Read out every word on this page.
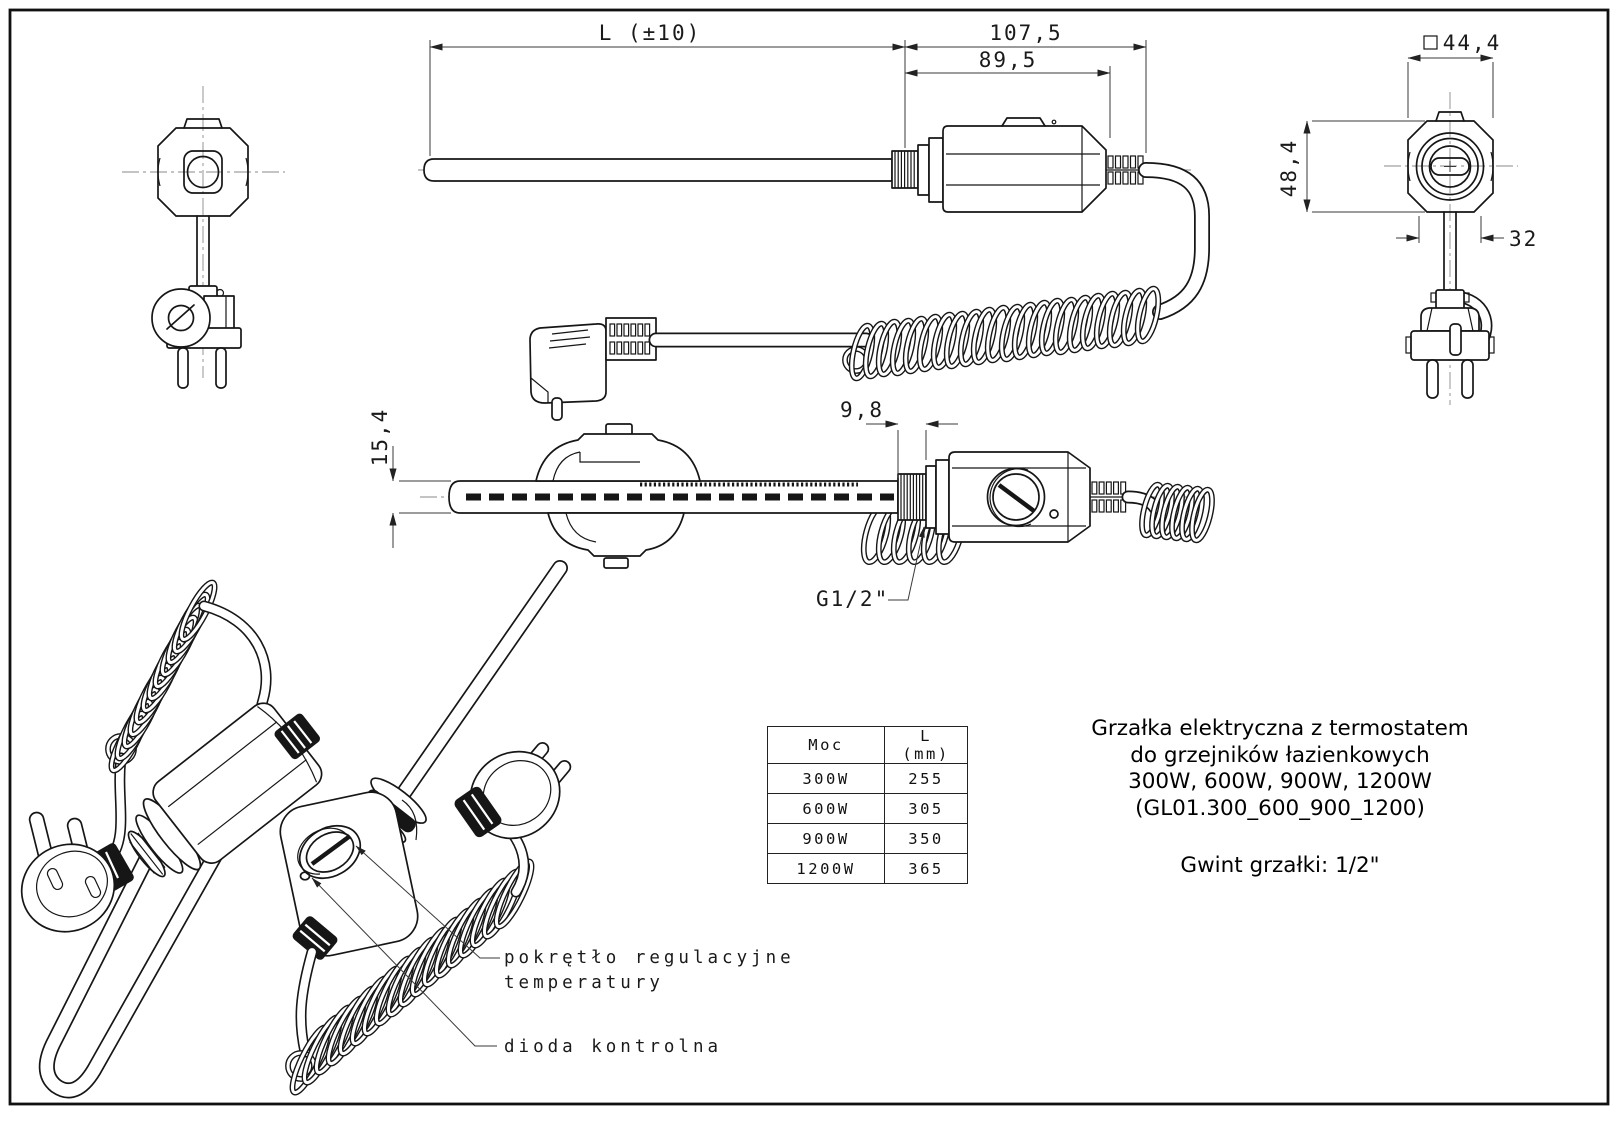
L (±10)	107,5
89,5
44,4
48,4
32
15,4	9,8
G1/2"
pokrętło regulacyjne
temperatury
dioda kontrolna
Moc	L (mm)
300W	255
600W	305
900W	350
1200W	365
Grzałka elektryczna z termostatem
do grzejników łazienkowych
300W, 600W, 900W, 1200W
(GL01.300_600_900_1200)
Gwint grzałki: 1/2"
